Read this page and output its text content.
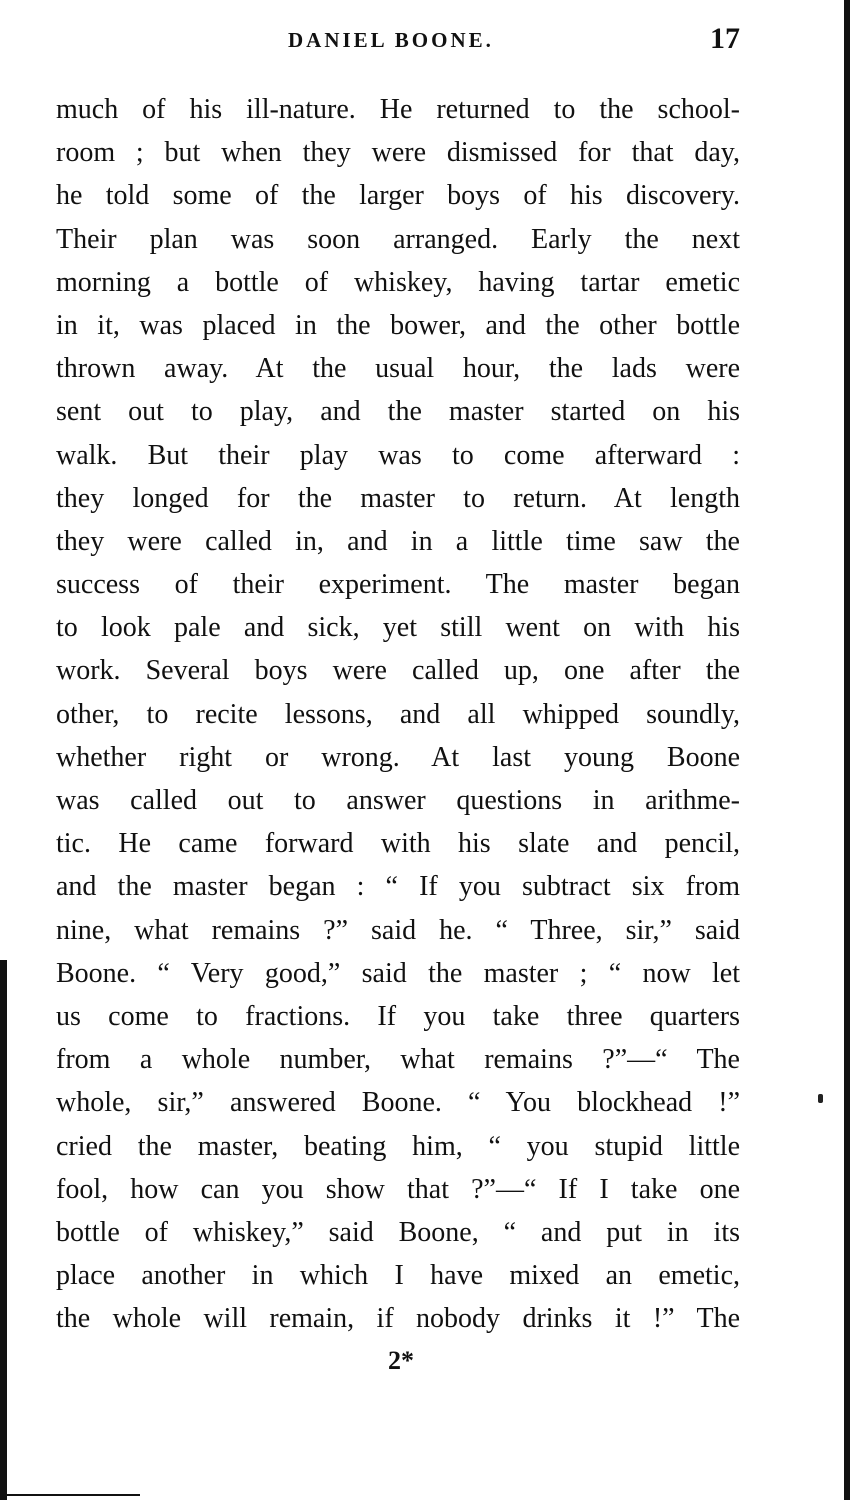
DANIEL BOONE.	17
much of his ill-nature. He returned to the school-
room ; but when they were dismissed for that day,
he told some of the larger boys of his discovery.
Their plan was soon arranged. Early the next
morning a bottle of whiskey, having tartar emetic
in it, was placed in the bower, and the other bottle
thrown away. At the usual hour, the lads were
sent out to play, and the master started on his
walk. But their play was to come afterward :
they longed for the master to return. At length
they were called in, and in a little time saw the
success of their experiment. The master began
to look pale and sick, yet still went on with his
work. Several boys were called up, one after the
other, to recite lessons, and all whipped soundly,
whether right or wrong. At last young Boone
was called out to answer questions in arithme-
tic. He came forward with his slate and pencil,
and the master began : “ If you subtract six from
nine, what remains ?” said he. “ Three, sir,” said
Boone. “ Very good,” said the master ; “ now let
us come to fractions. If you take three quarters
from a whole number, what remains ?”—“ The
whole, sir,” answered Boone. “ You blockhead !”
cried the master, beating him, “ you stupid little
fool, how can you show that ?”—“ If I take one
bottle of whiskey,” said Boone, “ and put in its
place another in which I have mixed an emetic,
the whole will remain, if nobody drinks it !” The
2*
